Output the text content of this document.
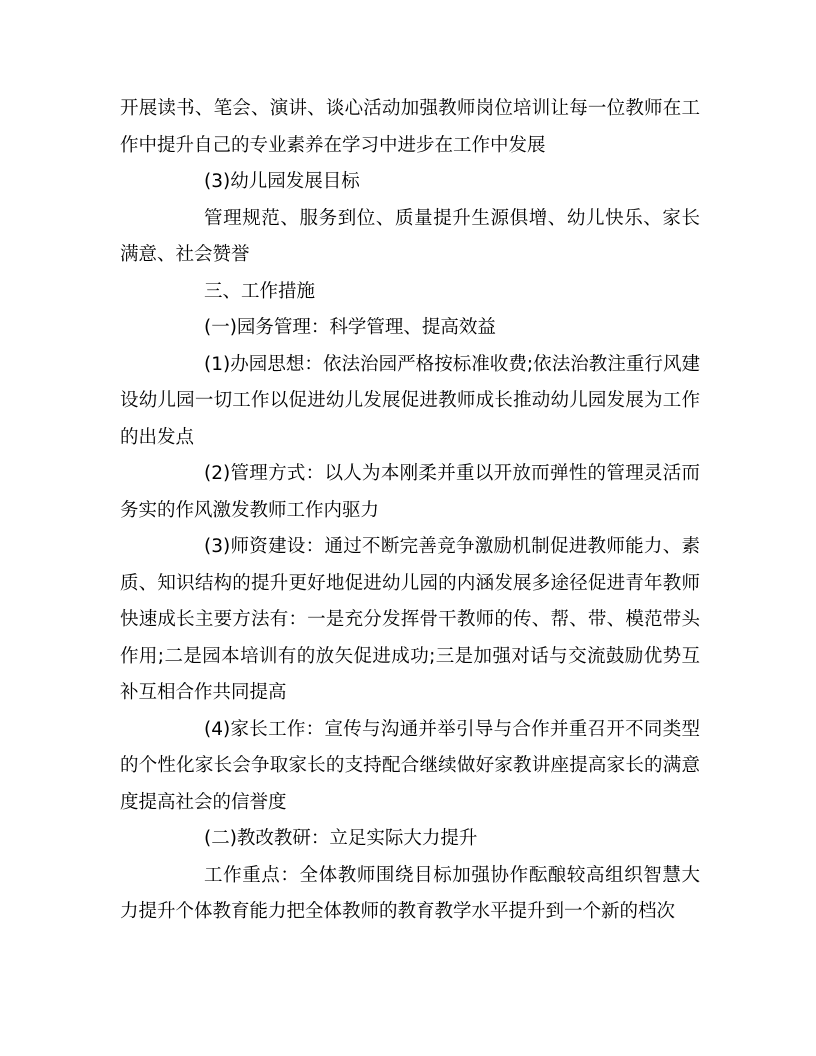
开展读书、笔会、演讲、谈心活动加强教师岗位培训让每一位教师在工作中提升自己的专业素养在学习中进步在工作中发展

(3)幼儿园发展目标

管理规范、服务到位、质量提升生源俱增、幼儿快乐、家长满意、社会赞誉

三、工作措施

(一)园务管理：科学管理、提高效益

(1)办园思想：依法治园严格按标准收费;依法治教注重行风建设幼儿园一切工作以促进幼儿发展促进教师成长推动幼儿园发展为工作的出发点

(2)管理方式：以人为本刚柔并重以开放而弹性的管理灵活而务实的作风激发教师工作内驱力

(3)师资建设：通过不断完善竞争激励机制促进教师能力、素质、知识结构的提升更好地促进幼儿园的内涵发展多途径促进青年教师快速成长主要方法有：一是充分发挥骨干教师的传、帮、带、模范带头作用;二是园本培训有的放矢促进成功;三是加强对话与交流鼓励优势互补互相合作共同提高

(4)家长工作：宣传与沟通并举引导与合作并重召开不同类型的个性化家长会争取家长的支持配合继续做好家教讲座提高家长的满意度提高社会的信誉度

(二)教改教研：立足实际大力提升

工作重点：全体教师围绕目标加强协作酝酿较高组织智慧大力提升个体教育能力把全体教师的教育教学水平提升到一个新的档次
